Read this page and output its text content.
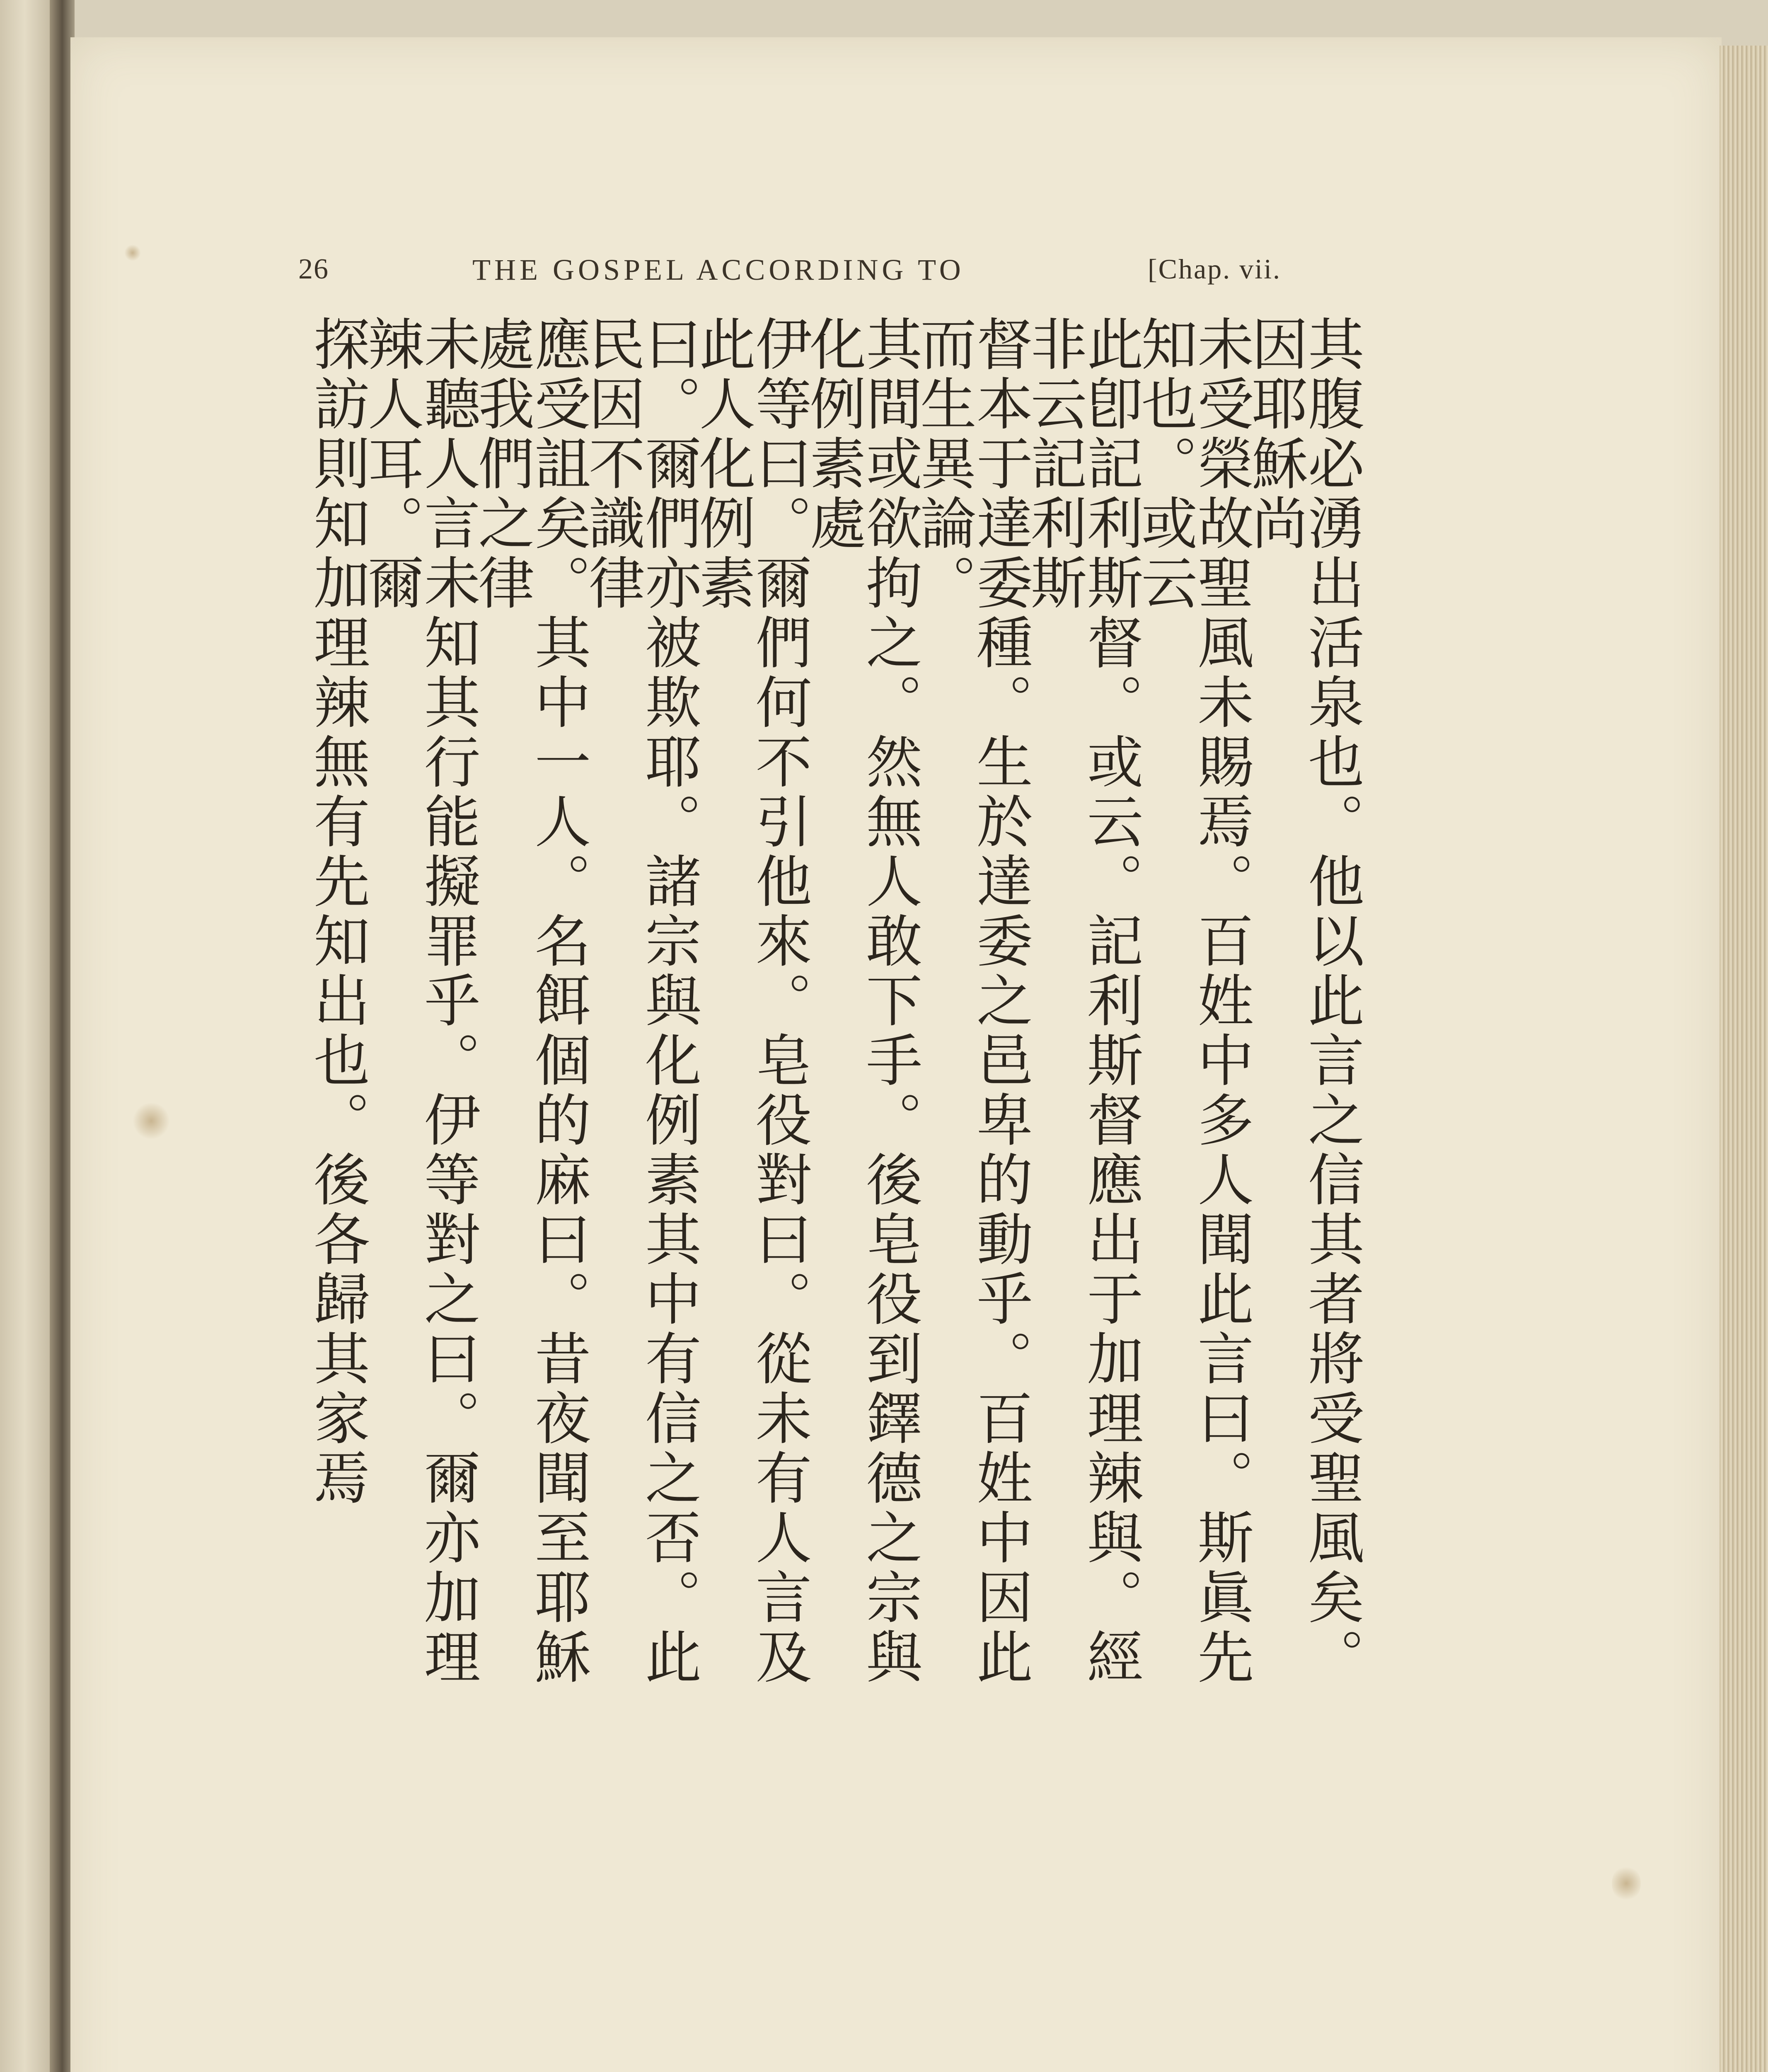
26	THE GOSPEL ACCORDING TO	[Chap. vii.
其腹必湧出活泉也。他以此言之信其者將受聖風矣。因耶穌尚
未受榮故聖風未賜焉。百姓中多人聞此言曰。斯眞先知也。或云
此卽記利斯督。或云。記利斯督應出于加理辣與。經非云記利斯
督本于達委種。生於達委之邑卑的動乎。百姓中因此而生異論。
其間或欲拘之。然無人敢下手。後皂役到鐸德之宗與化例素處
伊等曰。爾們何不引他來。皂役對曰。從未有人言及此人化例素
曰。爾們亦被欺耶。諸宗與化例素其中有信之否。此民因不識律
應受詛矣。其中一人。名餌個的麻曰。昔夜聞至耶穌處我們之律
未聽人言未知其行能擬罪乎。伊等對之曰。爾亦加理辣人耳。爾
探訪則知加理辣無有先知出也。後各歸其家焉
